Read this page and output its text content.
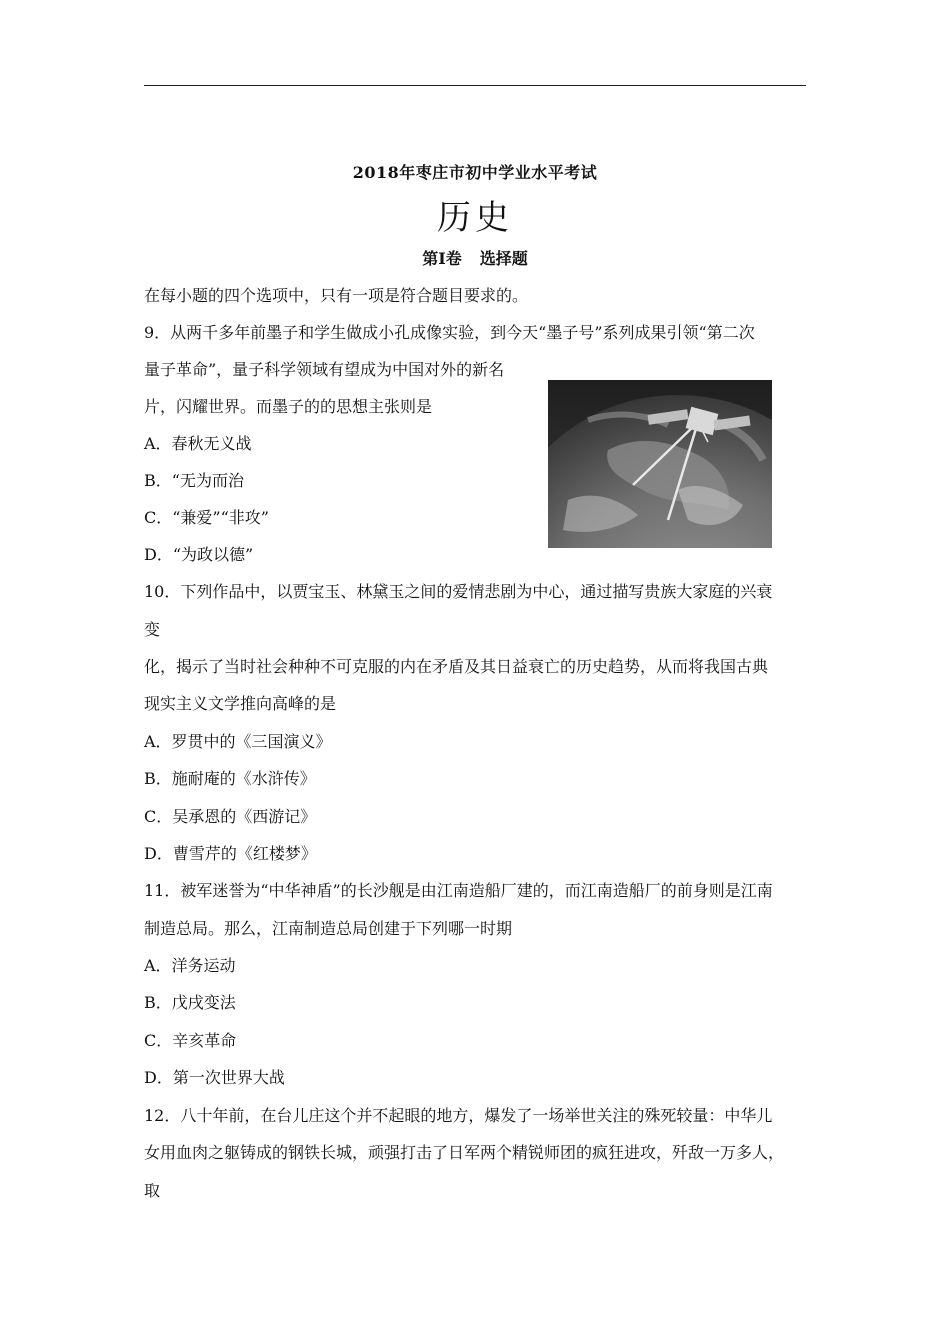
2018年枣庄市初中学业水平考试
历史
第Ⅰ卷 选择题
在每小题的四个选项中，只有一项是符合题目要求的。
9．从两千多年前墨子和学生做成小孔成像实验，到今天“墨子号”系列成果引领“第二次
量子革命”，量子科学领域有望成为中国对外的新名
片，闪耀世界。而墨子的的思想主张则是
A．春秋无义战
B．“无为而治
C．“兼爱”“非攻”
D．“为政以德”
10．下列作品中，以贾宝玉、林黛玉之间的爱情悲剧为中心，通过描写贵族大家庭的兴衰
变
化，揭示了当时社会种种不可克服的内在矛盾及其日益衰亡的历史趋势，从而将我国古典
现实主义文学推向高峰的是
A．罗贯中的《三国演义》
B．施耐庵的《水浒传》
C．吴承恩的《西游记》
D．曹雪芹的《红楼梦》
11．被军迷誉为“中华神盾”的长沙舰是由江南造船厂建的，而江南造船厂的前身则是江南
制造总局。那么，江南制造总局创建于下列哪一时期
A．洋务运动
B．戊戌变法
C．辛亥革命
D．第一次世界大战
12．八十年前，在台儿庄这个并不起眼的地方，爆发了一场举世关注的殊死较量：中华儿
女用血肉之躯铸成的钢铁长城，顽强打击了日军两个精锐师团的疯狂进攻，歼敌一万多人，
取
